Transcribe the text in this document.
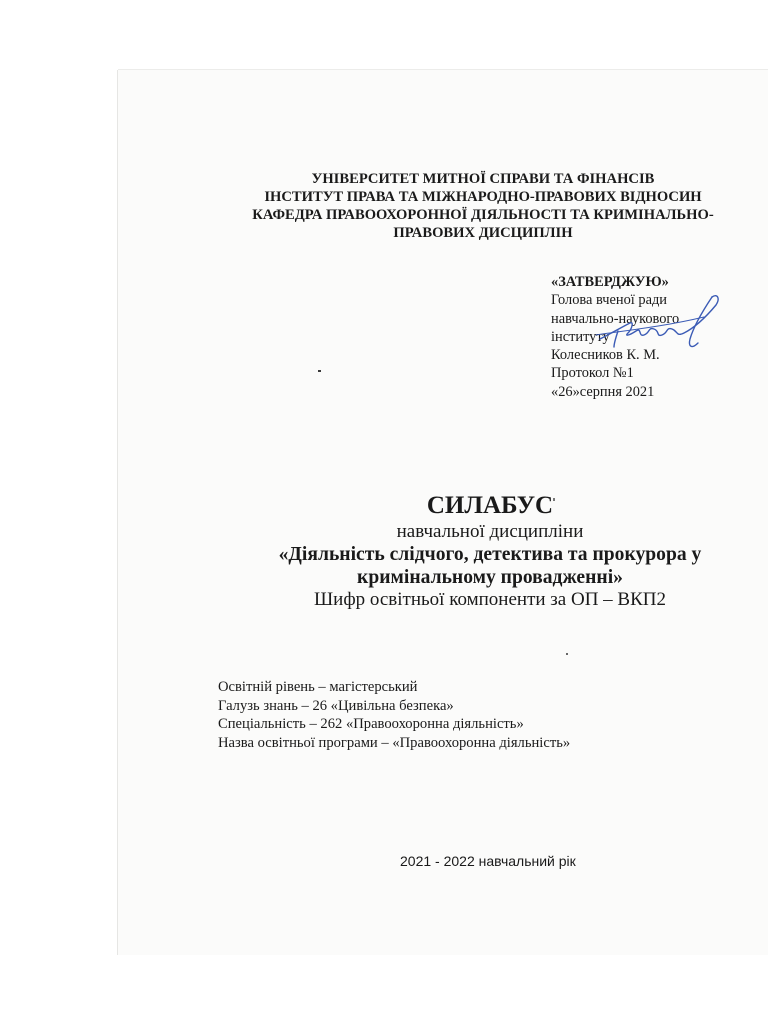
УНІВЕРСИТЕТ МИТНОЇ СПРАВИ ТА ФІНАНСІВ
ІНСТИТУТ ПРАВА ТА МІЖНАРОДНО-ПРАВОВИХ ВІДНОСИН
КАФЕДРА ПРАВООХОРОННОЇ ДІЯЛЬНОСТІ ТА КРИМІНАЛЬНО-
ПРАВОВИХ ДИСЦИПЛІН
«ЗАТВЕРДЖУЮ»
Голова вченої ради
навчально-наукового
інституту
Колесников К. М.
Протокол №1
«26»серпня 2021
СИЛАБУС
навчальної дисципліни
«Діяльність слідчого, детектива та прокурора у
кримінальному провадженні»
Шифр освітньої компоненти за ОП – ВКП2
Освітній рівень – магістерський
Галузь знань – 26 «Цивільна безпека»
Спеціальність – 262 «Правоохоронна діяльність»
Назва освітньої програми – «Правоохоронна діяльність»
2021 - 2022 навчальний рік
